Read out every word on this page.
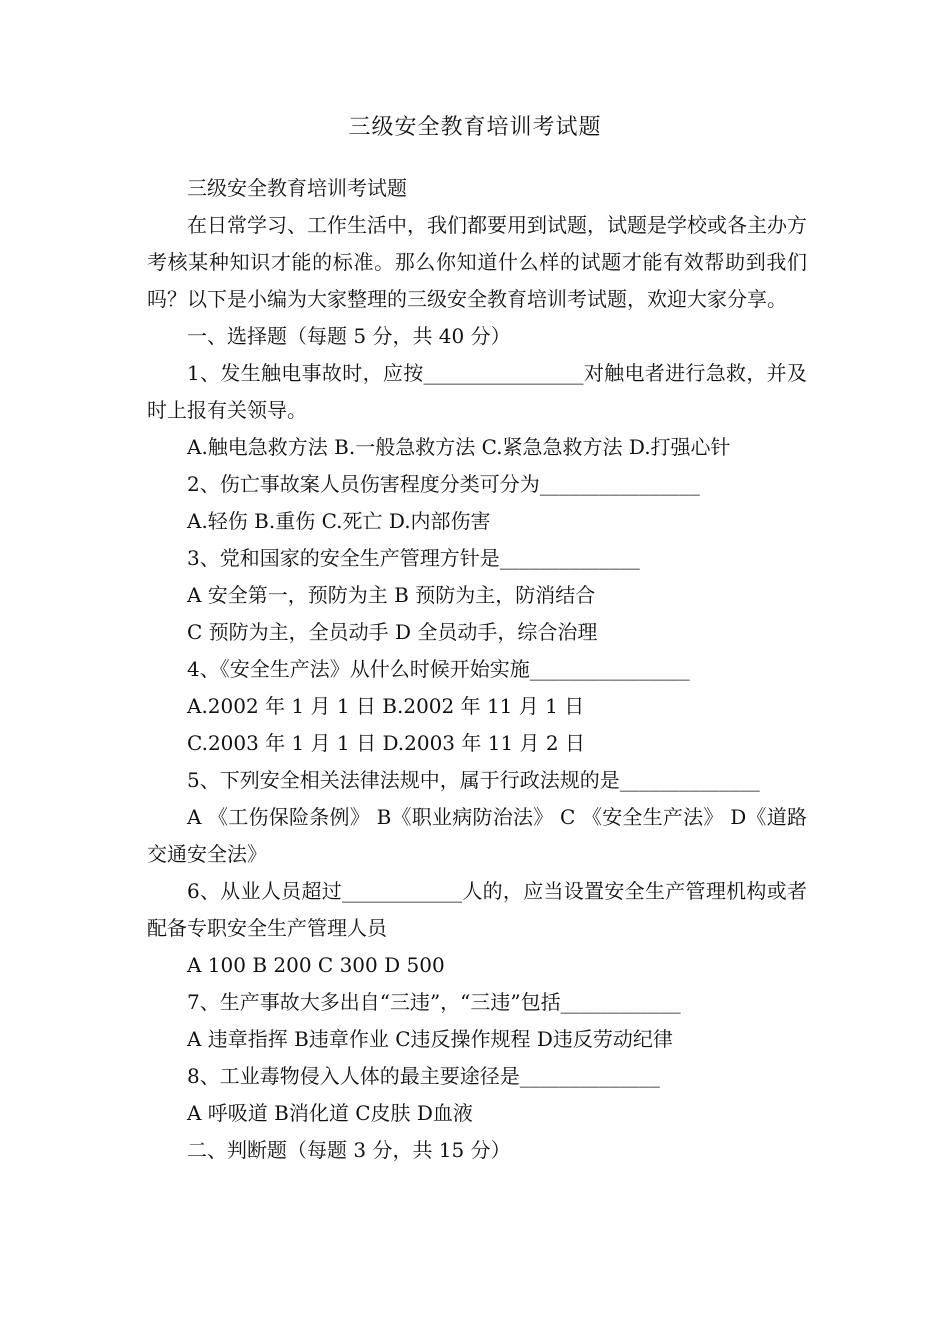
三级安全教育培训考试题

三级安全教育培训考试题

在日常学习、工作生活中，我们都要用到试题，试题是学校或各主办方考核某种知识才能的标准。那么你知道什么样的试题才能有效帮助到我们吗？以下是小编为大家整理的三级安全教育培训考试题，欢迎大家分享。

一、选择题（每题 5 分，共 40 分）

1、发生触电事故时，应按________________对触电者进行急救，并及时上报有关领导。

A.触电急救方法 B.一般急救方法 C.紧急急救方法 D.打强心针

2、伤亡事故案人员伤害程度分类可分为________________

A.轻伤 B.重伤 C.死亡 D.内部伤害

3、党和国家的安全生产管理方针是______________

A 安全第一，预防为主 B 预防为主，防消结合

C 预防为主，全员动手 D 全员动手，综合治理

4、《安全生产法》从什么时候开始实施________________

A.2002 年 1 月 1 日 B.2002 年 11 月 1 日

C.2003 年 1 月 1 日 D.2003 年 11 月 2 日

5、下列安全相关法律法规中，属于行政法规的是______________

A 《工伤保险条例》 B《职业病防治法》 C 《安全生产法》 D《道路交通安全法》

6、从业人员超过____________人的，应当设置安全生产管理机构或者配备专职安全生产管理人员

A 100 B 200 C 300 D 500

7、生产事故大多出自“三违”，“三违”包括____________

A 违章指挥 B违章作业 C违反操作规程 D违反劳动纪律

8、工业毒物侵入人体的最主要途径是______________

A 呼吸道 B消化道 C皮肤 D血液

二、判断题（每题 3 分，共 15 分）
